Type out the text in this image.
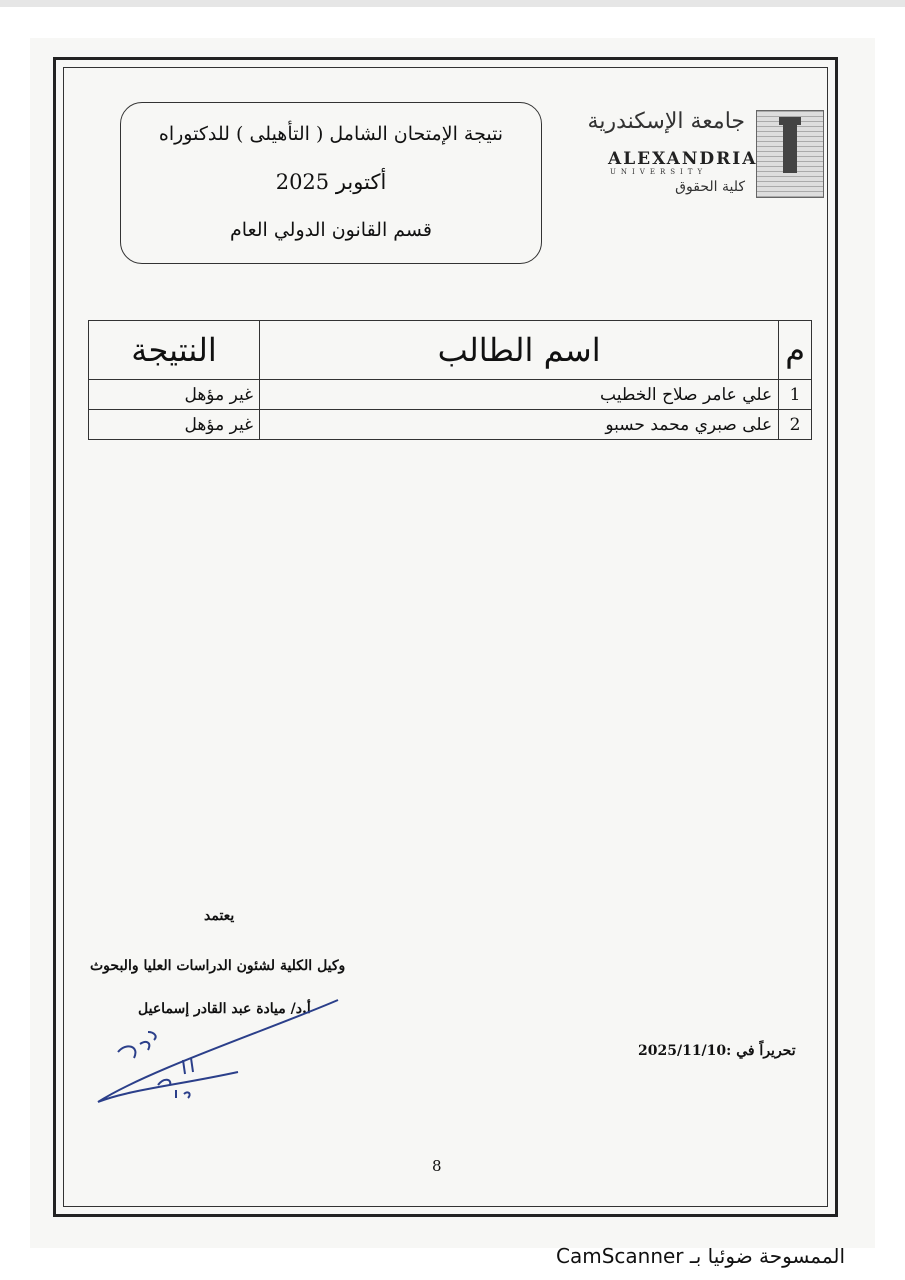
جامعة الإسكندرية
ALEXANDRIA
UNIVERSITY
كلية الحقوق
نتيجة الإمتحان الشامل ( التأهيلى ) للدكتوراه
أكتوبر 2025
قسم القانون الدولي العام
م	اسم الطالب	النتيجة
1	علي عامر صلاح الخطيب	غير مؤهل
2	على صبري محمد حسبو	غير مؤهل
يعتمد
وكيل الكلية لشئون الدراسات العليا والبحوث
أ.د/ ميادة عبد القادر إسماعيل
تحريراً في :2025/11/10
8
الممسوحة ضوئيا بـ CamScanner
